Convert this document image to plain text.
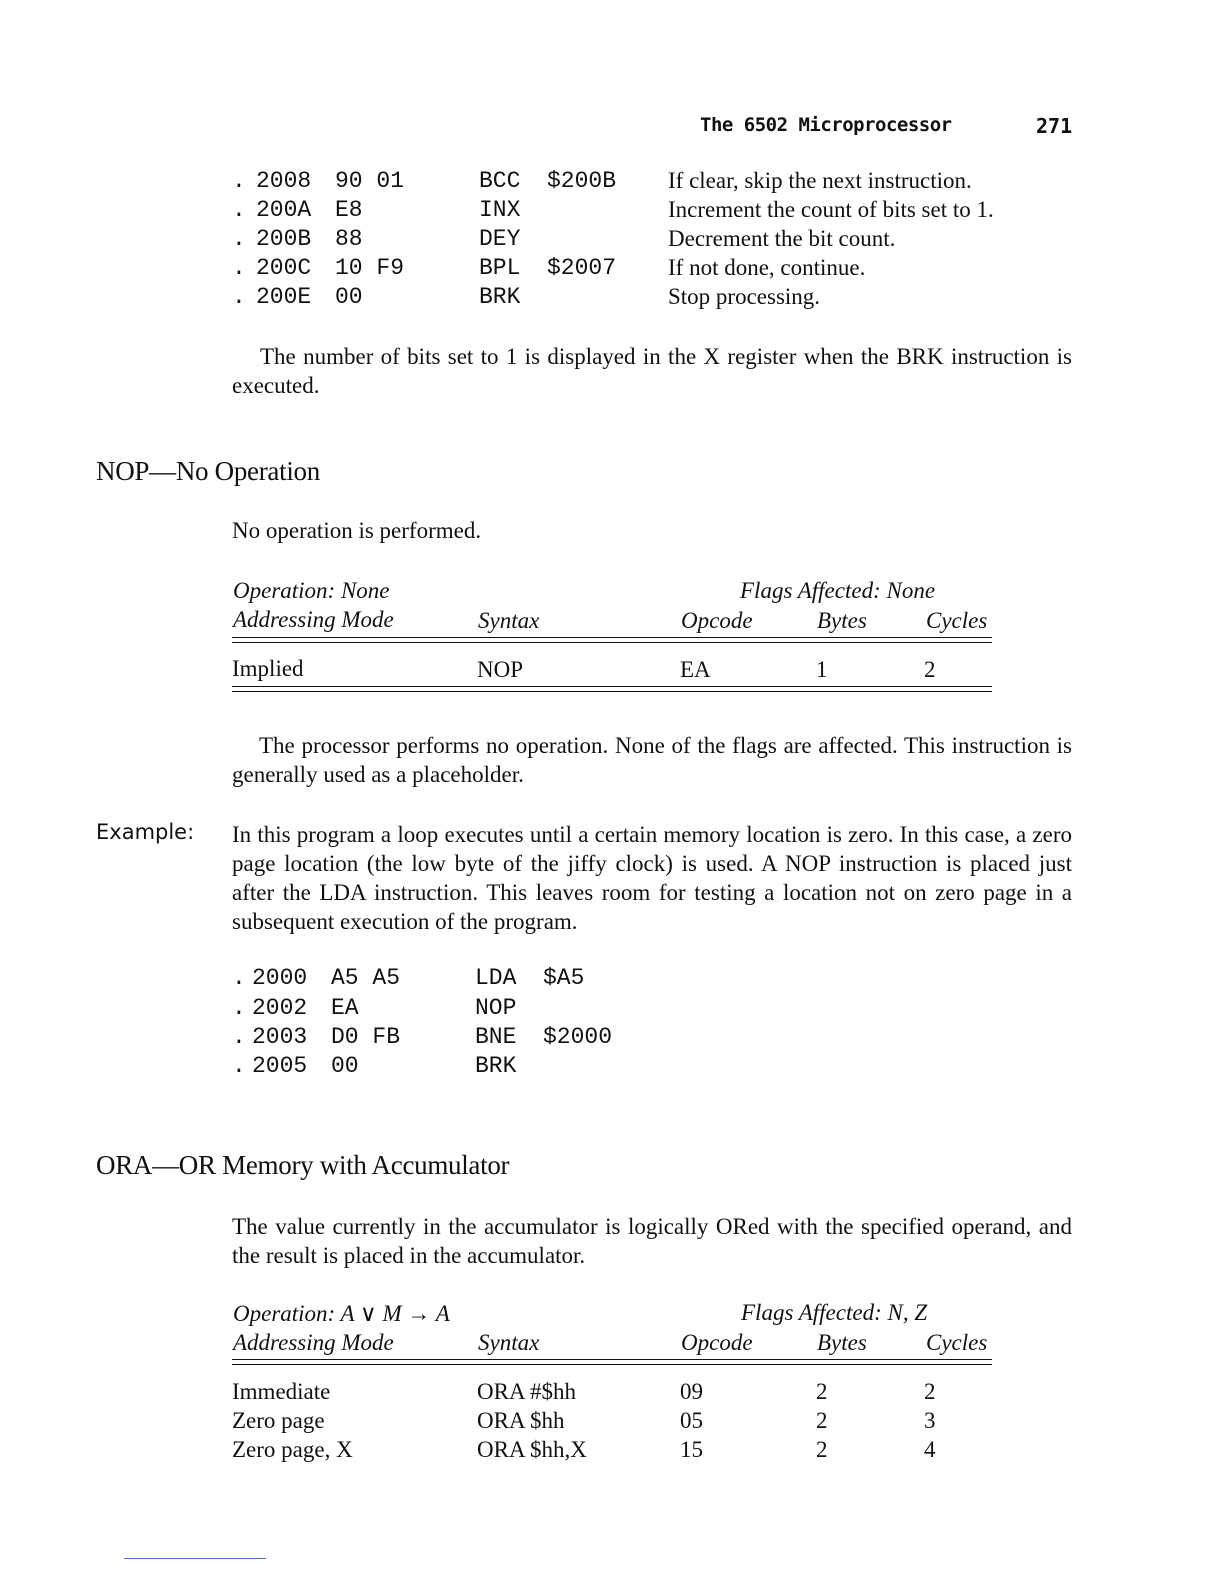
The 6502 Microprocessor	271
. 2008 90 01	BCC $200B If clear, skip the next instruction.
. 200A E8	INX	Increment the count of bits set to 1.
. 200B 88	DEY	Decrement the bit count.
. 200C 10 F9	BPL $2007 If not done, continue.
. 200E 00	BRK	Stop processing.
The number of bits set to 1 is displayed in the X register when the BRK instruction is executed.
NOP—No Operation
No operation is performed.
Operation: None	Flags Affected: None
Addressing Mode	Syntax	Opcode	Bytes	Cycles
Implied	NOP	EA	1	2
The processor performs no operation. None of the flags are affected. This instruction is generally used as a placeholder.
Example: In this program a loop executes until a certain memory location is zero. In this case, a zero page location (the low byte of the jiffy clock) is used. A NOP instruction is placed just after the LDA instruction. This leaves room for testing a location not on zero page in a subsequent execution of the program.
. 2000 A5 A5	LDA $A5
. 2002 EA	NOP
. 2003 D0 FB	BNE $2000
. 2005 00	BRK
ORA—OR Memory with Accumulator
The value currently in the accumulator is logically ORed with the specified operand, and the result is placed in the accumulator.
Operation: A ∨ M → A	Flags Affected: N, Z
Addressing Mode	Syntax	Opcode	Bytes	Cycles
Immediate	ORA #$hh	09	2	2
Zero page	ORA $hh	05	2	3
Zero page, X	ORA $hh,X	15	2	4
